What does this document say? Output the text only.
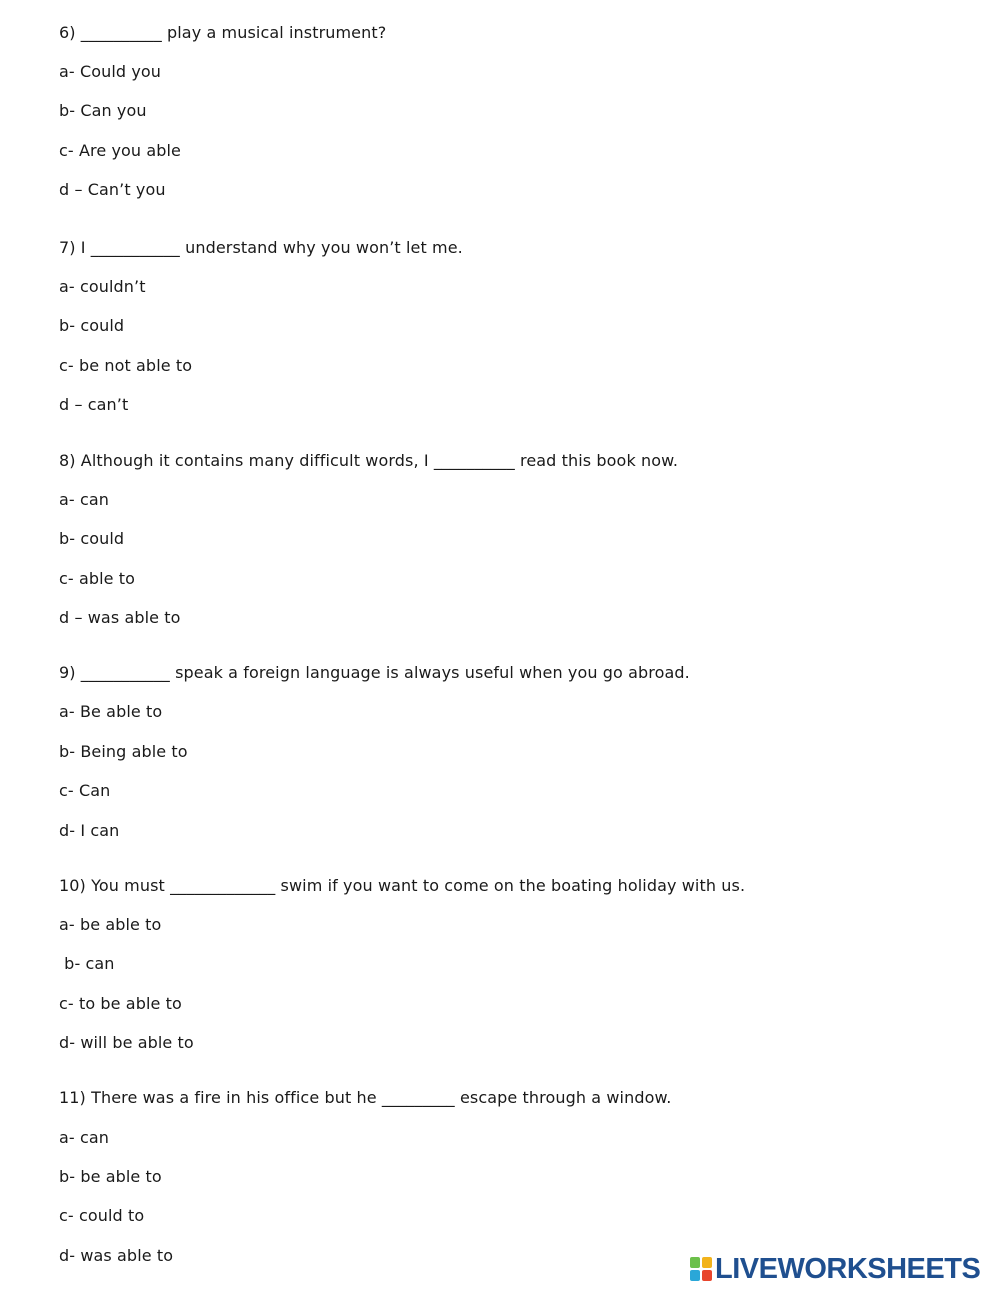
6) __________ play a musical instrument?
a- Could you
b- Can you
c- Are you able
d – Can’t you
7) I ___________ understand why you won’t let me.
a- couldn’t
b- could
c- be not able to
d – can’t
8) Although it contains many difficult words, I __________ read this book now.
a- can
b- could
c- able to
d – was able to
9) ___________ speak a foreign language is always useful when you go abroad.
a- Be able to
b- Being able to
c- Can
d- I can
10) You must _____________ swim if you want to come on the boating holiday with us.
a- be able to
b- can
c- to be able to
d- will be able to
11) There was a fire in his office but he _________ escape through a window.
a- can
b- be able to
c- could to
d- was able to	LIVEWORKSHEETS
